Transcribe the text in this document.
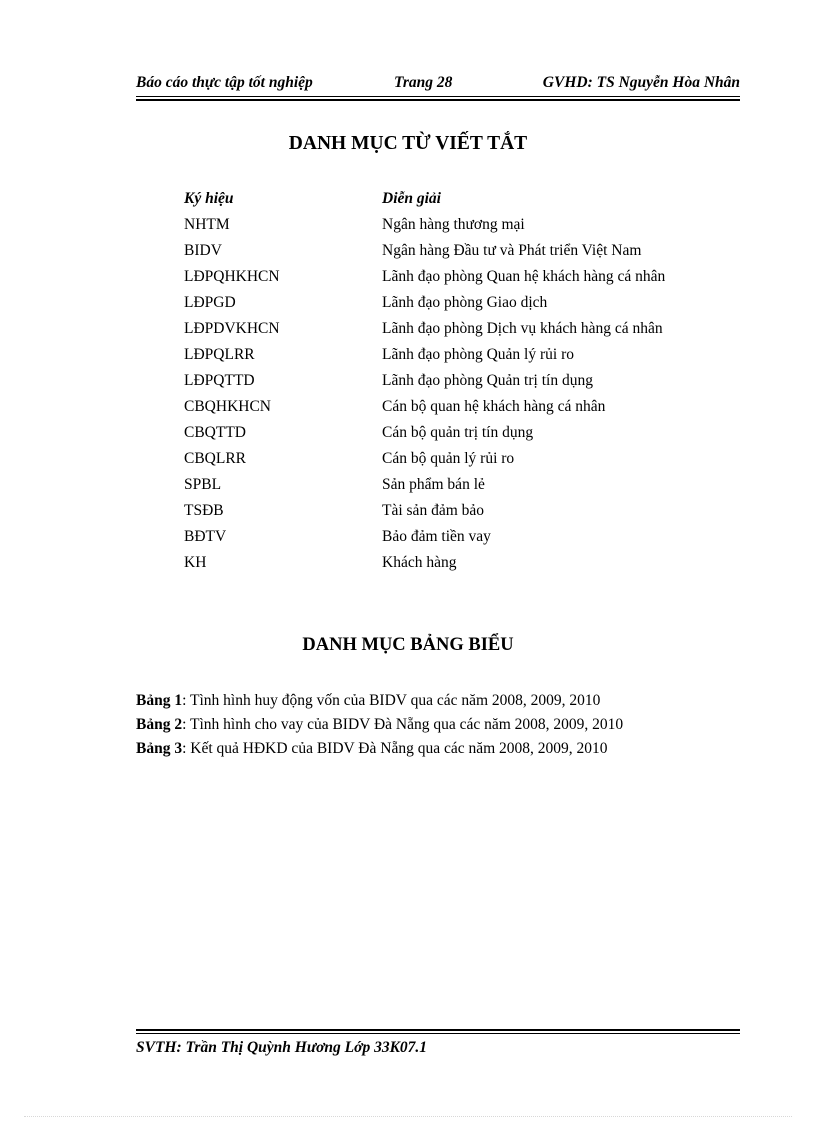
Báo cáo thực tập tốt nghiệp	Trang 28	GVHD: TS Nguyễn Hòa Nhân
DANH MỤC TỪ VIẾT TẮT
Ký hiệu	Diễn giải
NHTM	Ngân hàng thương mại
BIDV	Ngân hàng Đầu tư và Phát triển Việt Nam
LĐPQHKHCN	Lãnh đạo phòng Quan hệ khách hàng cá nhân
LĐPGD	Lãnh đạo phòng Giao dịch
LĐPDVKHCN	Lãnh đạo phòng Dịch vụ khách hàng cá nhân
LĐPQLRR	Lãnh đạo phòng Quản lý rủi ro
LĐPQTTD	Lãnh đạo phòng Quản trị tín dụng
CBQHKHCN	Cán bộ quan hệ khách hàng cá nhân
CBQTTD	Cán bộ quản trị tín dụng
CBQLRR	Cán bộ quản lý rủi ro
SPBL	Sản phẩm bán lẻ
TSĐB	Tài sản đảm bảo
BĐTV	Bảo đảm tiền vay
KH	Khách hàng
DANH MỤC BẢNG BIỂU
Bảng 1: Tình hình huy động vốn của BIDV qua các năm 2008, 2009, 2010
Bảng 2: Tình hình cho vay của BIDV Đà Nẵng qua các năm 2008, 2009, 2010
Bảng 3: Kết quả HĐKD của BIDV Đà Nẵng qua các năm 2008, 2009, 2010
SVTH: Trần Thị Quỳnh Hương Lớp 33K07.1
